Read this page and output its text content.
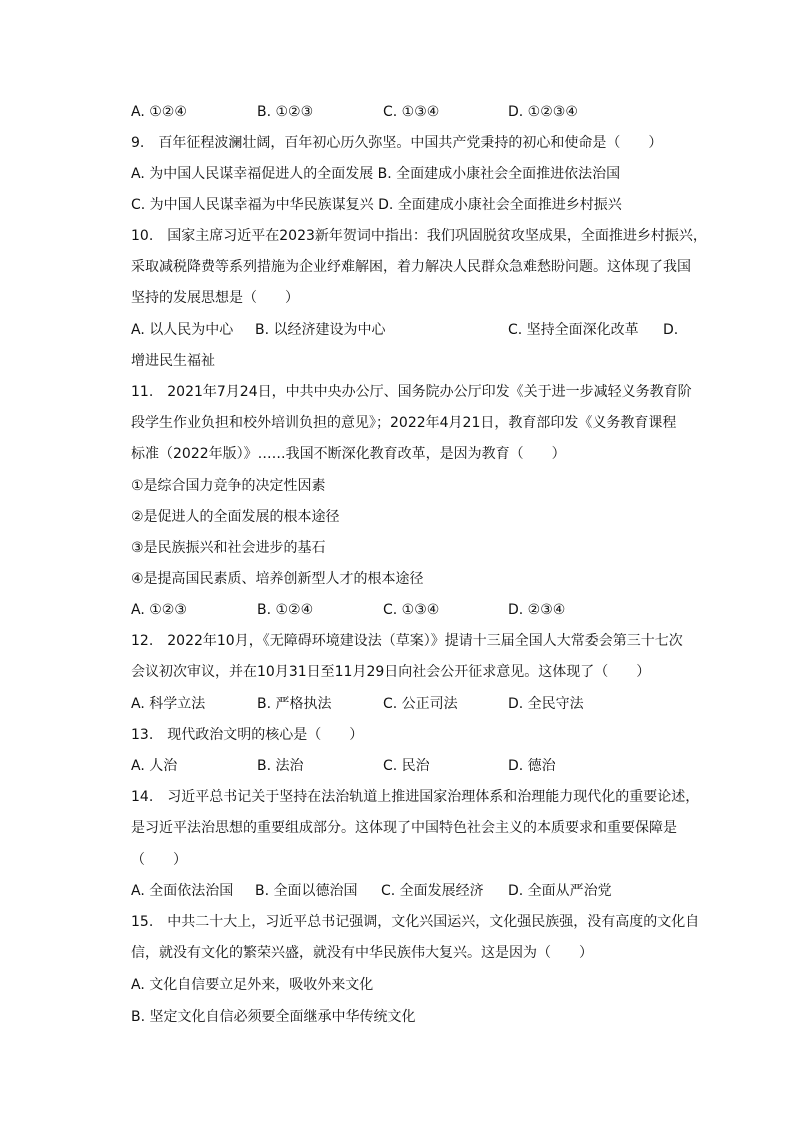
A. ①②④	B. ①②③	C. ①③④	D. ①②③④
9.　百年征程波澜壮阔，百年初心历久弥坚。中国共产党秉持的初心和使命是（　　）
A. 为中国人民谋幸福促进人的全面发展 B. 全面建成小康社会全面推进依法治国
C. 为中国人民谋幸福为中华民族谋复兴 D. 全面建成小康社会全面推进乡村振兴
10.　国家主席习近平在2023新年贺词中指出：我们巩固脱贫攻坚成果，全面推进乡村振兴，
采取减税降费等系列措施为企业纾难解困，着力解决人民群众急难愁盼问题。这体现了我国
坚持的发展思想是（　　）
A. 以人民为中心 B. 以经济建设为中心	C. 坚持全面深化改革 D.
增进民生福祉
11.　2021年7月24日，中共中央办公厅、国务院办公厅印发《关于进一步减轻义务教育阶
段学生作业负担和校外培训负担的意见》；2022年4月21日，教育部印发《义务教育课程
标准（2022年版）》……我国不断深化教育改革，是因为教育（　　）
①是综合国力竞争的决定性因素
②是促进人的全面发展的根本途径
③是民族振兴和社会进步的基石
④是提高国民素质、培养创新型人才的根本途径
A. ①②③	B. ①②④	C. ①③④	D. ②③④
12.　2022年10月，《无障碍环境建设法（草案）》提请十三届全国人大常委会第三十七次
会议初次审议，并在10月31日至11月29日向社会公开征求意见。这体现了（　　）
A. 科学立法	B. 严格执法	C. 公正司法	D. 全民守法
13.　现代政治文明的核心是（　　）
A. 人治	B. 法治	C. 民治	D. 德治
14.　习近平总书记关于坚持在法治轨道上推进国家治理体系和治理能力现代化的重要论述，
是习近平法治思想的重要组成部分。这体现了中国特色社会主义的本质要求和重要保障是
（　　）
A. 全面依法治国 B. 全面以德治国 C. 全面发展经济 D. 全面从严治党
15.　中共二十大上，习近平总书记强调，文化兴国运兴，文化强民族强，没有高度的文化自
信，就没有文化的繁荣兴盛，就没有中华民族伟大复兴。这是因为（　　）
A. 文化自信要立足外来，吸收外来文化
B. 坚定文化自信必须要全面继承中华传统文化
